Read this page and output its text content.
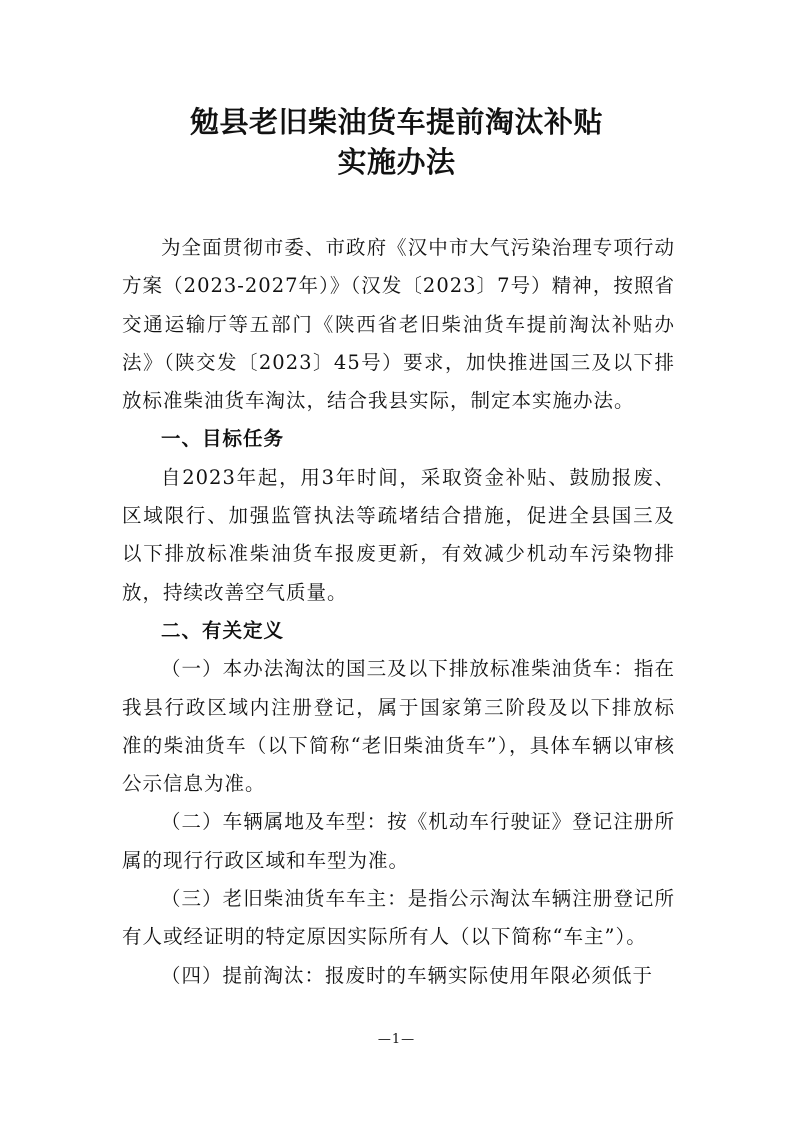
勉县老旧柴油货车提前淘汰补贴
实施办法

为全面贯彻市委、市政府《汉中市大气污染治理专项行动方案（2023-2027年）》（汉发〔2023〕7号）精神，按照省交通运输厅等五部门《陕西省老旧柴油货车提前淘汰补贴办法》（陕交发〔2023〕45号）要求，加快推进国三及以下排放标准柴油货车淘汰，结合我县实际，制定本实施办法。

一、目标任务

自2023年起，用3年时间，采取资金补贴、鼓励报废、区域限行、加强监管执法等疏堵结合措施，促进全县国三及以下排放标准柴油货车报废更新，有效减少机动车污染物排放，持续改善空气质量。

二、有关定义

（一）本办法淘汰的国三及以下排放标准柴油货车：指在我县行政区域内注册登记，属于国家第三阶段及以下排放标准的柴油货车（以下简称“老旧柴油货车”），具体车辆以审核公示信息为准。

（二）车辆属地及车型：按《机动车行驶证》登记注册所属的现行行政区域和车型为准。

（三）老旧柴油货车车主：是指公示淘汰车辆注册登记所有人或经证明的特定原因实际所有人（以下简称“车主”）。

（四）提前淘汰：报废时的车辆实际使用年限必须低于

—1—
